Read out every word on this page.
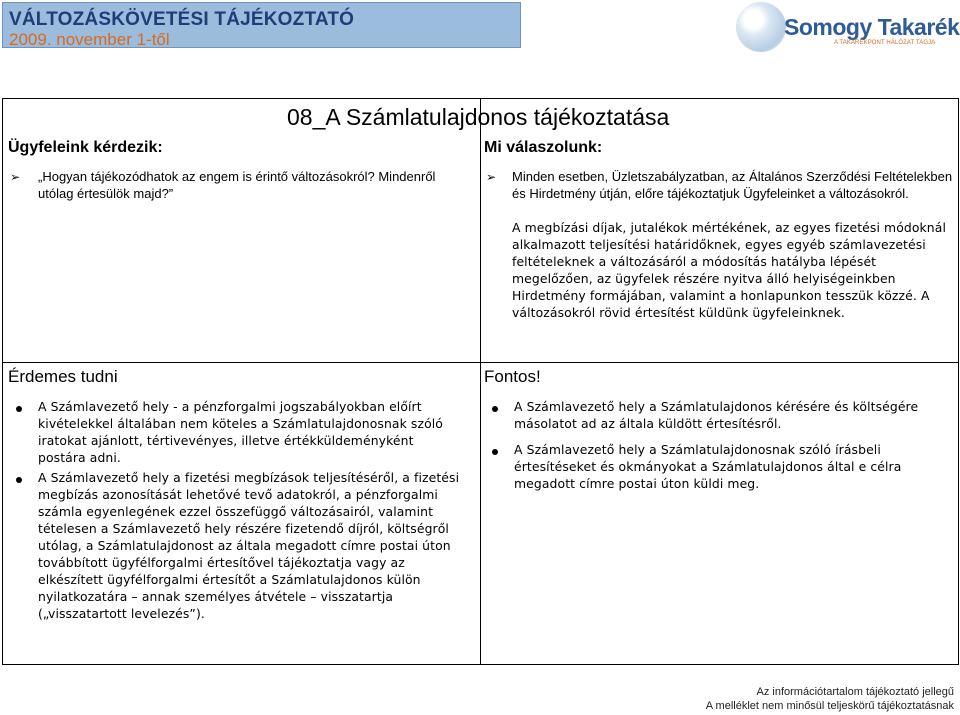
VÁLTOZÁSKÖVETÉSI TÁJÉKOZTATÓ
2009. november 1-től	Somogy Takarék
A TAKARÉKPONT HÁLÓZAT TAGJA
08_A Számlatulajdonos tájékoztatása
Ügyfeleink kérdezik:
➢ „Hogyan tájékozódhatok az engem is érintő változásokról? Mindenről utólag értesülök majd?”
Mi válaszolunk:
➢ Minden esetben, Üzletszabályzatban, az Általános Szerződési Feltételekben és Hirdetmény útján, előre tájékoztatjuk Ügyfeleinket a változásokról.
A megbízási díjak, jutalékok mértékének, az egyes fizetési módoknál alkalmazott teljesítési határidőknek, egyes egyéb számlavezetési feltételeknek a változásáról a módosítás hatályba lépését megelőzően, az ügyfelek részére nyitva álló helyiségeinkben Hirdetmény formájában, valamint a honlapunkon tesszük közzé. A változásokról rövid értesítést küldünk ügyfeleinknek.
Érdemes tudni
A Számlavezető hely - a pénzforgalmi jogszabályokban előírt kivételekkel általában nem köteles a Számlatulajdonosnak szóló iratokat ajánlott, tértivevényes, illetve értékküldeményként postára adni.
A Számlavezető hely a fizetési megbízások teljesítéséről, a fizetési megbízás azonosítását lehetővé tevő adatokról, a pénzforgalmi számla egyenlegének ezzel összefüggő változásairól, valamint tételesen a Számlavezető hely részére fizetendő díjról, költségről utólag, a Számlatulajdonost az általa megadott címre postai úton továbbított ügyfélforgalmi értesítővel tájékoztatja vagy az elkészített ügyfélforgalmi értesítőt a Számlatulajdonos külön nyilatkozatára – annak személyes átvétele – visszatartja („visszatartott levelezés”).
Fontos!
A Számlavezető hely a Számlatulajdonos kérésére és költségére másolatot ad az általa küldött értesítésről.
A Számlavezető hely a Számlatulajdonosnak szóló írásbeli értesítéseket és okmányokat a Számlatulajdonos által e célra megadott címre postai úton küldi meg.
Az információtartalom tájékoztató jellegű
A melléklet nem minősül teljeskörű tájékoztatásnak
